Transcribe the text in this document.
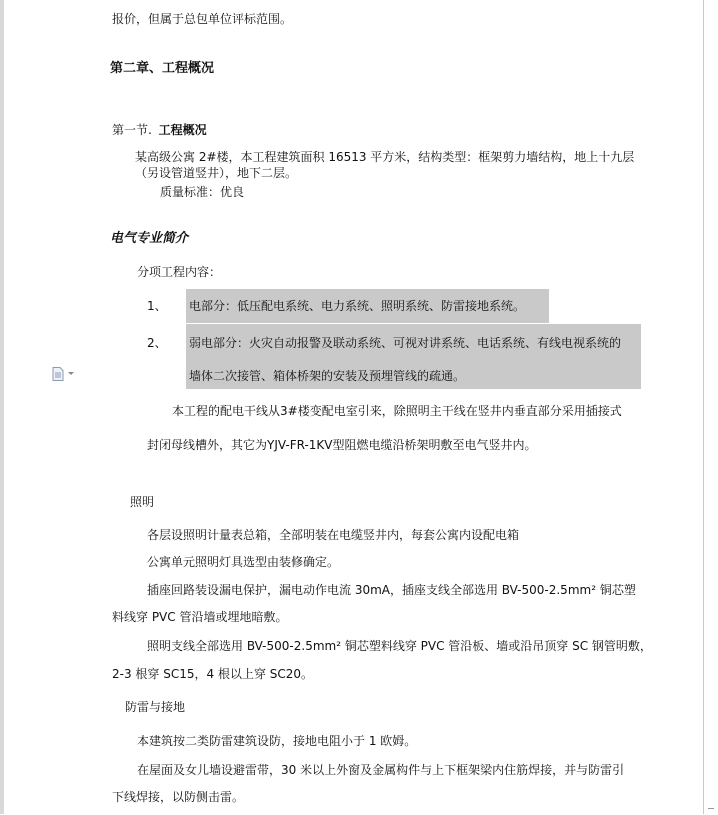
报价，但属于总包单位评标范围。
第二章、工程概况
第一节. 工程概况
某高级公寓 2#楼，本工程建筑面积 16513 平方米，结构类型：框架剪力墙结构，地上十九层
（另设管道竖井），地下二层。
质量标准：优良
电气专业简介
分项工程内容：
1、 电部分：低压配电系统、电力系统、照明系统、防雷接地系统。
2、 弱电部分：火灾自动报警及联动系统、可视对讲系统、电话系统、有线电视系统的
墙体二次接管、箱体桥架的安装及预埋管线的疏通。
本工程的配电干线从3#楼变配电室引来，除照明主干线在竖井内垂直部分采用插接式
封闭母线槽外，其它为YJV-FR-1KV型阻燃电缆沿桥架明敷至电气竖井内。
照明
各层设照明计量表总箱，全部明装在电缆竖井内，每套公寓内设配电箱
公寓单元照明灯具选型由装修确定。
插座回路装设漏电保护，漏电动作电流 30mA，插座支线全部选用 BV-500-2.5mm² 铜芯塑
料线穿 PVC 管沿墙或埋地暗敷。
照明支线全部选用 BV-500-2.5mm² 铜芯塑料线穿 PVC 管沿板、墙或沿吊顶穿 SC 钢管明敷，
2-3 根穿 SC15，4 根以上穿 SC20。
防雷与接地
本建筑按二类防雷建筑设防，接地电阻小于 1 欧姆。
在屋面及女儿墙设避雷带，30 米以上外窗及金属构件与上下框架梁内住筋焊接，并与防雷引
下线焊接，以防侧击雷。
